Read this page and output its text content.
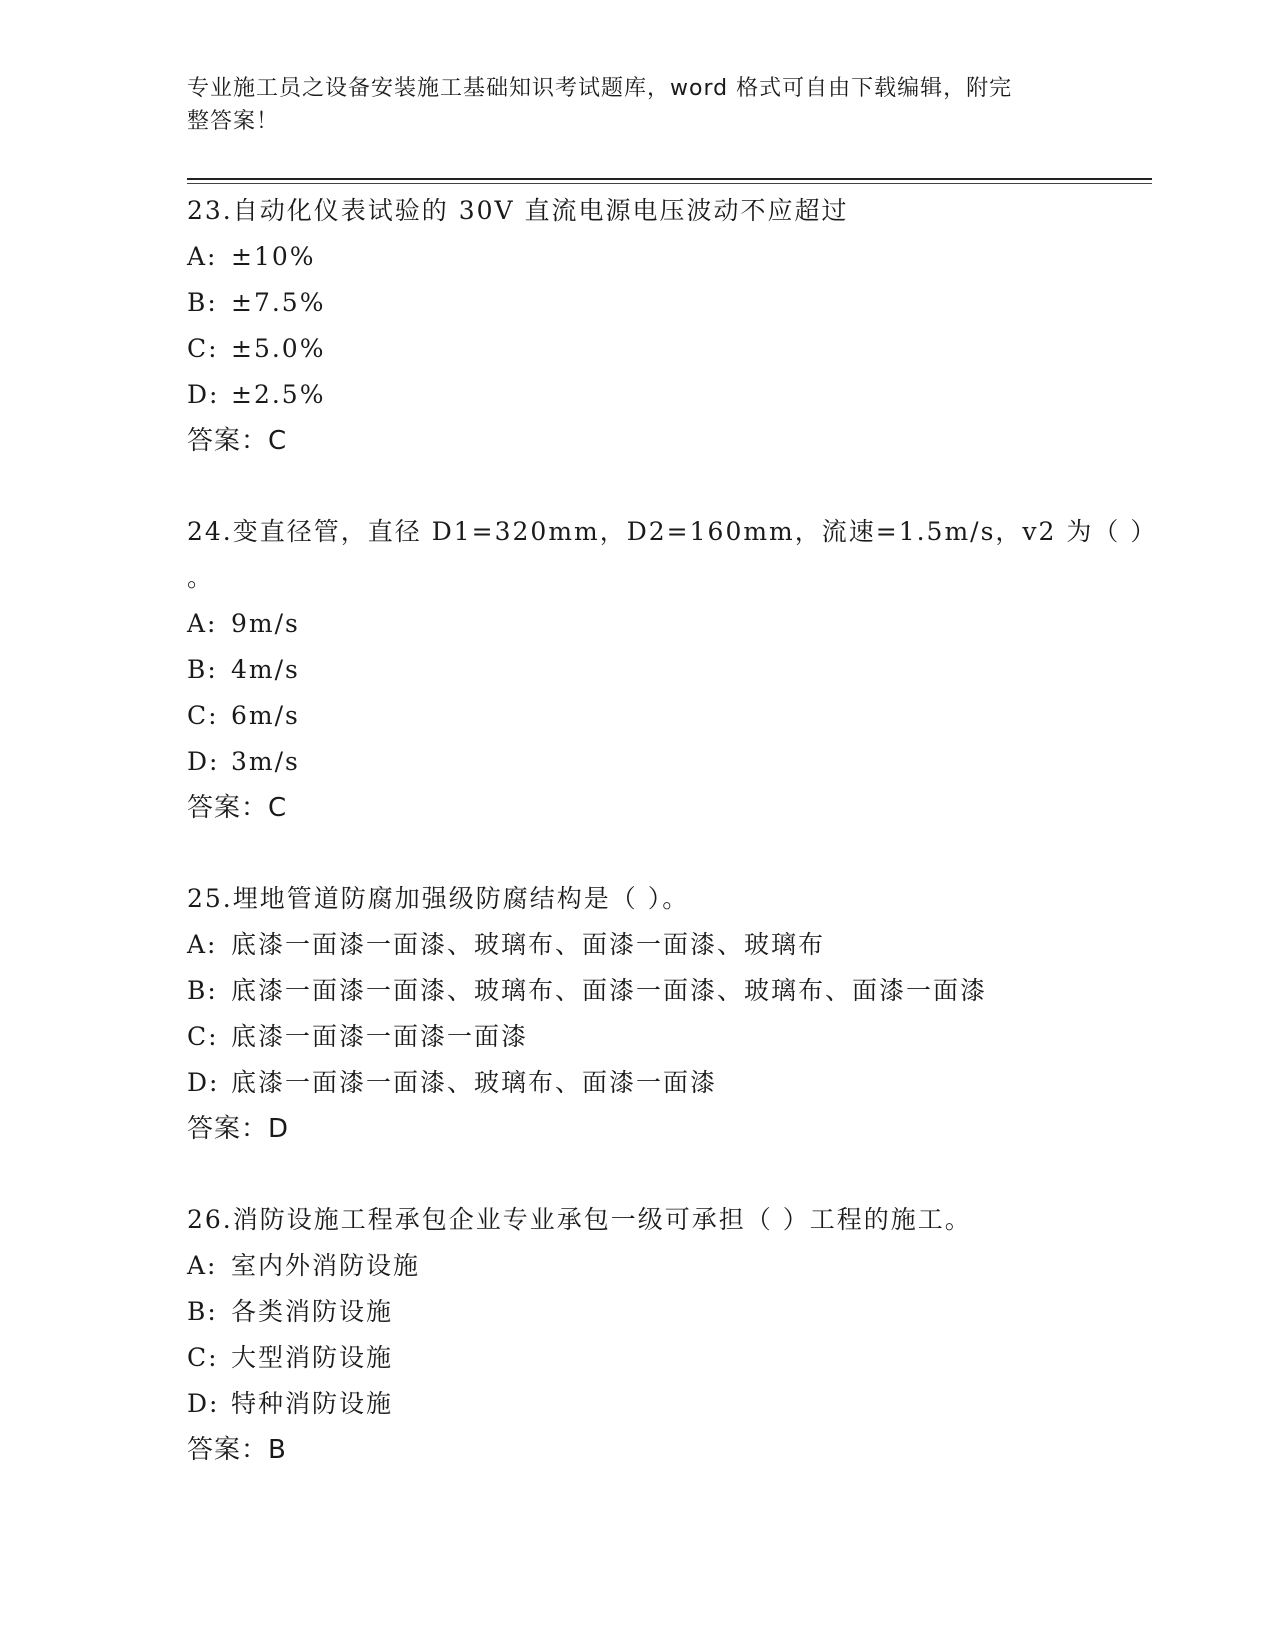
专业施工员之设备安装施工基础知识考试题库，word 格式可自由下载编辑，附完
整答案！
23.自动化仪表试验的 30V 直流电源电压波动不应超过
A: ±10%
B: ±7.5%
C: ±5.0%
D: ±2.5%
答案：C
24.变直径管，直径 D1=320mm，D2=160mm，流速=1.5m/s，v2 为（ ）
。
A: 9m/s
B: 4m/s
C: 6m/s
D: 3m/s
答案：C
25.埋地管道防腐加强级防腐结构是（ ）。
A: 底漆一面漆一面漆、玻璃布、面漆一面漆、玻璃布
B: 底漆一面漆一面漆、玻璃布、面漆一面漆、玻璃布、面漆一面漆
C: 底漆一面漆一面漆一面漆
D: 底漆一面漆一面漆、玻璃布、面漆一面漆
答案：D
26.消防设施工程承包企业专业承包一级可承担（ ）工程的施工。
A: 室内外消防设施
B: 各类消防设施
C: 大型消防设施
D: 特种消防设施
答案：B
